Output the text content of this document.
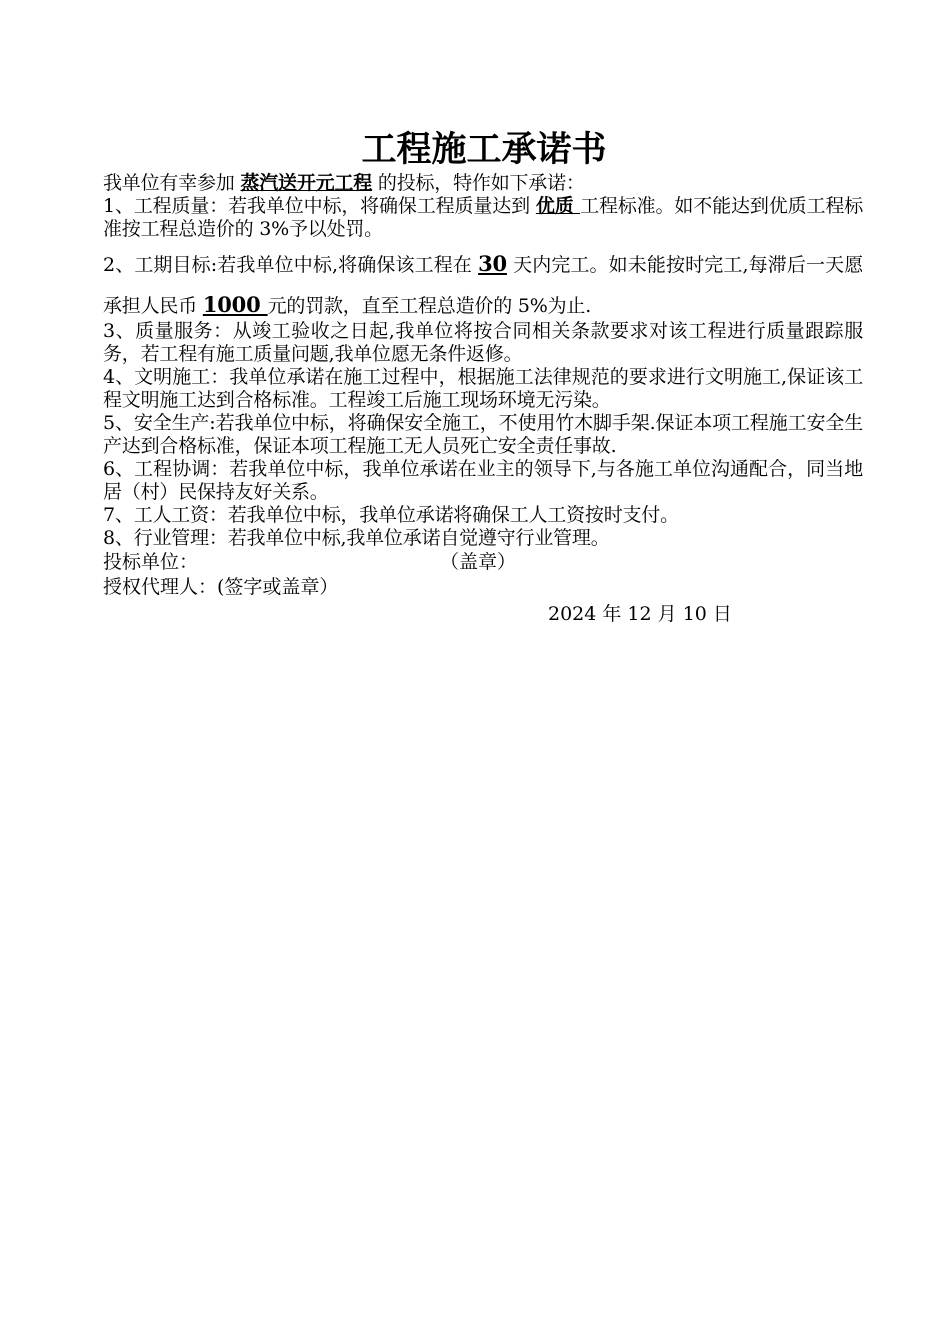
工程施工承诺书

我单位有幸参加 蒸汽送开元工程 的投标，特作如下承诺：

1、工程质量：若我单位中标，将确保工程质量达到 优质 工程标准。如不能达到优质工程标准按工程总造价的 3%予以处罚。

2、工期目标:若我单位中标,将确保该工程在 30 天内完工。如未能按时完工,每滞后一天愿承担人民币 1000 元的罚款，直至工程总造价的 5%为止.

3、质量服务：从竣工验收之日起,我单位将按合同相关条款要求对该工程进行质量跟踪服务，若工程有施工质量问题,我单位愿无条件返修。

4、文明施工：我单位承诺在施工过程中，根据施工法律规范的要求进行文明施工,保证该工程文明施工达到合格标准。工程竣工后施工现场环境无污染。

5、安全生产:若我单位中标，将确保安全施工，不使用竹木脚手架.保证本项工程施工安全生产达到合格标准，保证本项工程施工无人员死亡安全责任事故.

6、工程协调：若我单位中标，我单位承诺在业主的领导下,与各施工单位沟通配合，同当地居（村）民保持友好关系。

7、工人工资：若我单位中标，我单位承诺将确保工人工资按时支付。

8、行业管理：若我单位中标,我单位承诺自觉遵守行业管理。

投标单位：	（盖章）

授权代理人：(签字或盖章）

2024 年 12 月 10 日
